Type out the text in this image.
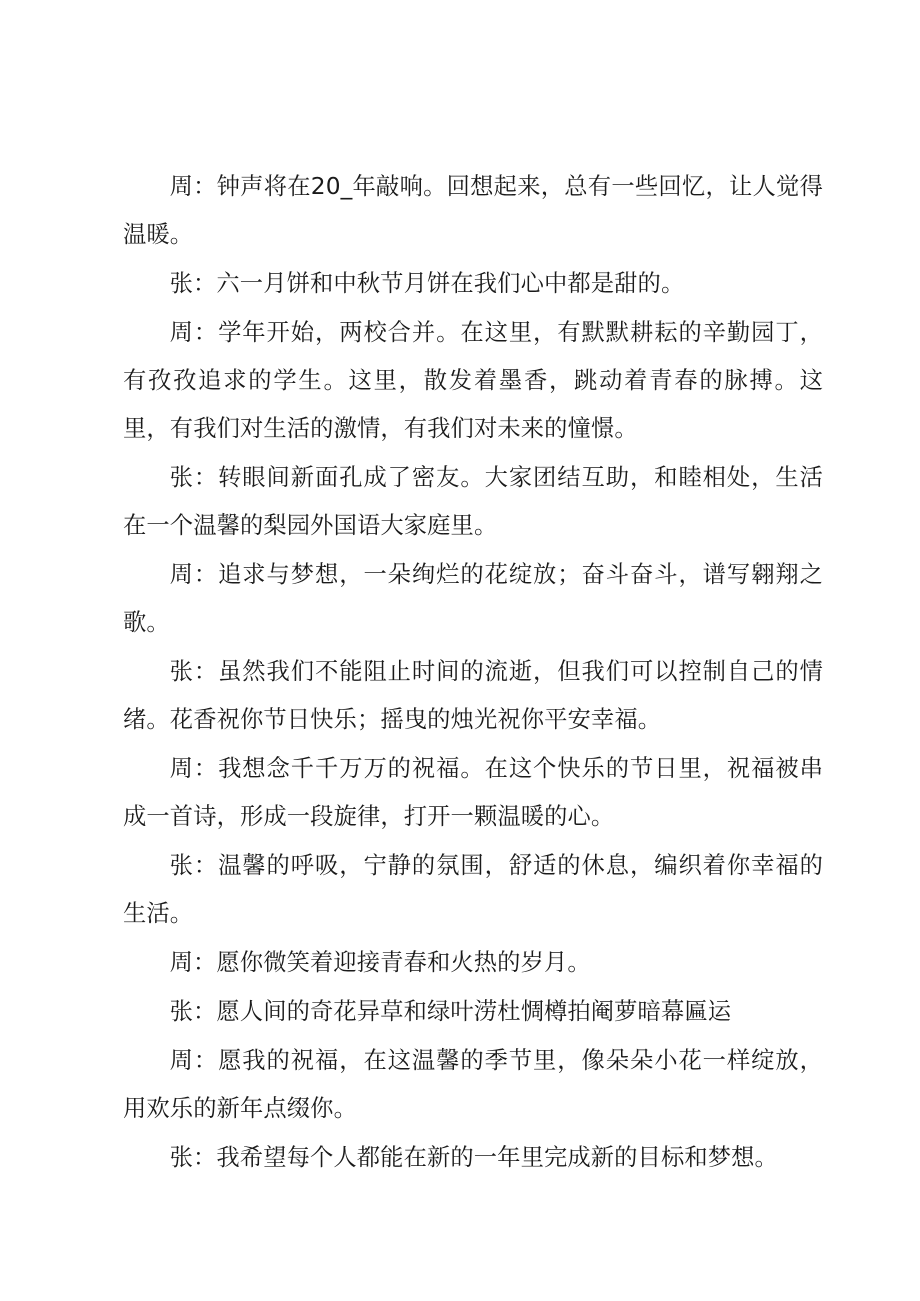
周：钟声将在20_年敲响。回想起来，总有一些回忆，让人觉得温暖。

张：六一月饼和中秋节月饼在我们心中都是甜的。

周：学年开始，两校合并。在这里，有默默耕耘的辛勤园丁，有孜孜追求的学生。这里，散发着墨香，跳动着青春的脉搏。这里，有我们对生活的激情，有我们对未来的憧憬。

张：转眼间新面孔成了密友。大家团结互助，和睦相处，生活在一个温馨的梨园外国语大家庭里。

周：追求与梦想，一朵绚烂的花绽放；奋斗奋斗，谱写翱翔之歌。

张：虽然我们不能阻止时间的流逝，但我们可以控制自己的情绪。花香祝你节日快乐；摇曳的烛光祝你平安幸福。

周：我想念千千万万的祝福。在这个快乐的节日里，祝福被串成一首诗，形成一段旋律，打开一颗温暖的心。

张：温馨的呼吸，宁静的氛围，舒适的休息，编织着你幸福的生活。

周：愿你微笑着迎接青春和火热的岁月。

张：愿人间的奇花异草和绿叶涝杜惆樽拍阉萝暗幕匾运

周：愿我的祝福，在这温馨的季节里，像朵朵小花一样绽放，用欢乐的新年点缀你。

张：我希望每个人都能在新的一年里完成新的目标和梦想。
